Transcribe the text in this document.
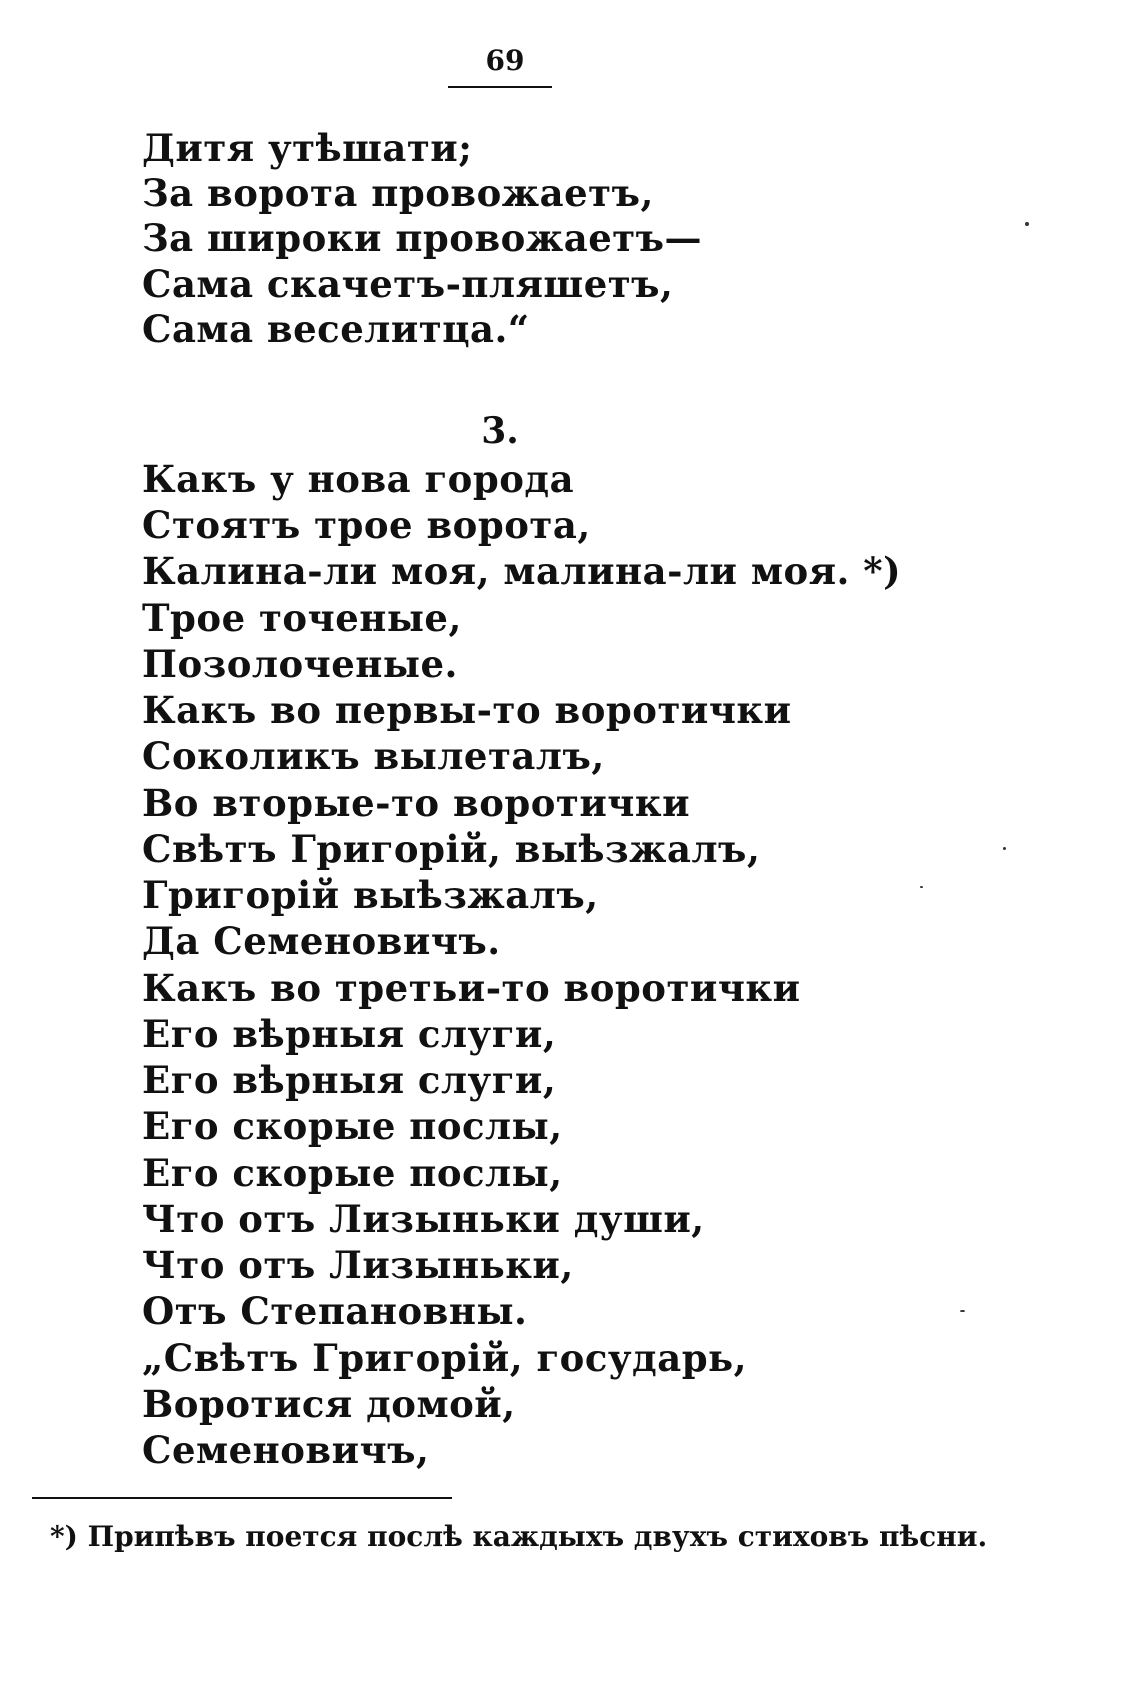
69
Дитя утѣшати;
За ворота провожаетъ,
За широки провожаетъ—
Сама скачетъ-пляшетъ,
Сама веселитца.“
3.
Какъ у нова города
Стоятъ трое ворота,
Калина-ли моя, малина-ли моя. *)
Трое точеные,
Позолоченые.
Какъ во первы-то воротички
Соколикъ вылеталъ,
Во вторые-то воротички
Свѣтъ Григорій, выѣзжалъ,
Григорій выѣзжалъ,
Да Семеновичъ.
Какъ во третьи-то воротички
Его вѣрныя слуги,
Его вѣрныя слуги,
Его скорые послы,
Его скорые послы,
Что отъ Лизыньки души,
Что отъ Лизыньки,
Отъ Степановны.
„Свѣтъ Григорій, государь,
Воротися домой,
Семеновичъ,
*) Припѣвъ поется послѣ каждыхъ двухъ стиховъ пѣсни.
